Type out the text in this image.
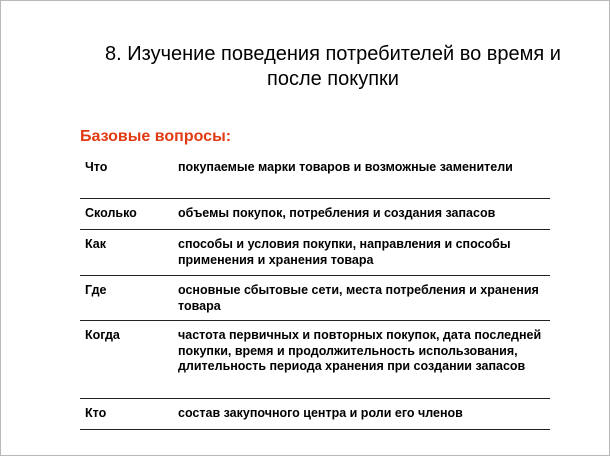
8. Изучение поведения потребителей во время и
после покупки
Базовые вопросы:
Что	покупаемые марки товаров и возможные заменители
Сколько	объемы покупок, потребления и создания запасов
Как	способы и условия покупки, направления и способы применения и хранения товара
Где	основные сбытовые сети, места потребления и хранения товара
Когда	частота первичных и повторных покупок, дата последней покупки, время и продолжительность использования, длительность периода хранения при создании запасов
Кто	состав закупочного центра и роли его членов
